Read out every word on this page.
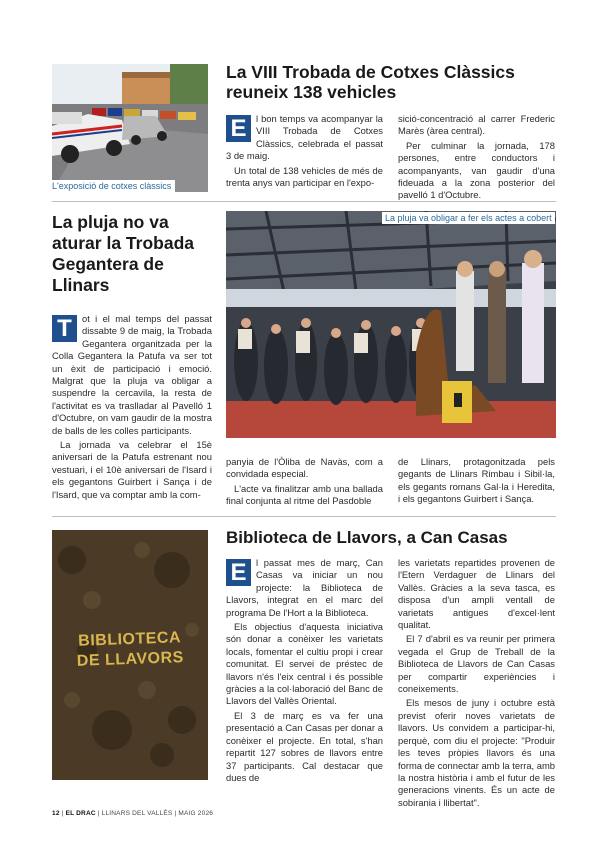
L'exposició de cotxes clàssics
La VIII Trobada de Cotxes Clàssics
reuneix 138 vehicles

E	l bon temps va acompanyar la VIII Trobada de Cotxes Clàssics, celebrada el passat 3 de maig.

Un total de 138 vehicles de més de trenta anys van participar en l'expo-

sició-concentració al carrer Frederic Marès (àrea central).

Per culminar la jornada, 178 persones, entre conductors i acompanyants, van gaudir d'una fideuada a la zona posterior del pavelló 1 d'Octubre.

La pluja no va
aturar la Trobada
Gegantera de
Llinars
La pluja va obligar a fer els actes a cobert

T	ot i el mal temps del passat dissabte 9 de maig, la Trobada Gegantera organitzada per la Colla Gegantera la Patufa va ser tot un èxit de participació i emoció. Malgrat que la pluja va obligar a suspendre la cercavila, la resta de l'activitat es va traslladar al Pavelló 1 d'Octubre, on vam gaudir de la mostra de balls de les colles participants.

La jornada va celebrar el 15è aniversari de la Patufa estrenant nou vestuari, i el 10è aniversari de l'Isard i els gegantons Guirbert i Sança i de l'Isard, que va comptar amb la com-

panyia de l'Òliba de Navàs, com a convidada especial.

L'acte va finalitzar amb una ballada final conjunta al ritme del Pasdoble

de Llinars, protagonitzada pels gegants de Llinars Rimbau i Sibil·la, els gegants romans Gal·la i Heredita, i els gegantons Guirbert i Sança.

BIBLIOTECA
DE LLAVORS
Biblioteca de Llavors, a Can Casas

E	l passat mes de març, Can Casas va iniciar un nou projecte: la Biblioteca de Llavors, integrat en el marc del programa De l'Hort a la Biblioteca.

Els objectius d'aquesta iniciativa són donar a conèixer les varietats locals, fomentar el cultiu propi i crear comunitat. El servei de préstec de llavors n'és l'eix central i és possible gràcies a la col·laboració del Banc de Llavors del Vallès Oriental.

El 3 de març es va fer una presentació a Can Casas per donar a conèixer el projecte. En total, s'han repartit 127 sobres de llavors entre 37 participants. Cal destacar que dues de

les varietats repartides provenen de l'Etern Verdaguer de Llinars del Vallès. Gràcies a la seva tasca, es disposa d'un ampli ventall de varietats antigues d'excel·lent qualitat.

El 7 d'abril es va reunir per primera vegada el Grup de Treball de la Biblioteca de Llavors de Can Casas per compartir experiències i coneixements.

Els mesos de juny i octubre està previst oferir noves varietats de llavors. Us convidem a participar-hi, perquè, com diu el projecte: "Produir les teves pròpies llavors és una forma de connectar amb la terra, amb la nostra història i amb el futur de les generacions vinents. És un acte de sobirania i llibertat".

12 | EL DRAC | LLINARS DEL VALLÈS | MAIG 2026
